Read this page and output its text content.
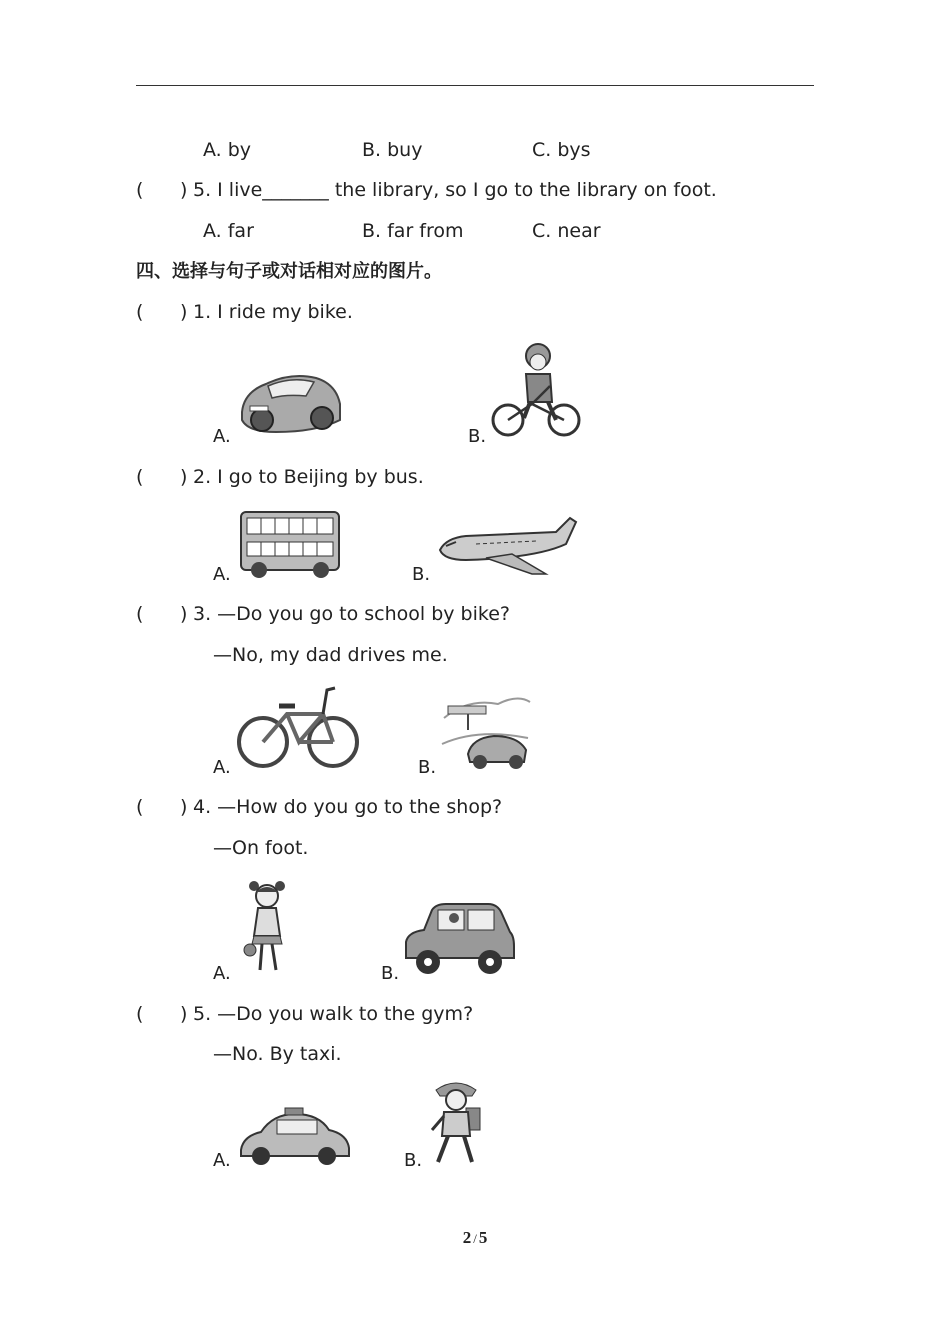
A. by	B. buy	C. bys
( ) 5. I live_______ the library, so I go to the library on foot.
A. far	B. far from	C. near
四、选择与句子或对话相对应的图片。
( ) 1. I ride my bike.
A.	B.
( ) 2. I go to Beijing by bus.
A.	B.
( ) 3. —Do you go to school by bike?
—No, my dad drives me.
A.	B.
( ) 4. —How do you go to the shop?
—On foot.
A.	B.
( ) 5. —Do you walk to the gym?
—No. By taxi.
A.	B.
2 / 5
